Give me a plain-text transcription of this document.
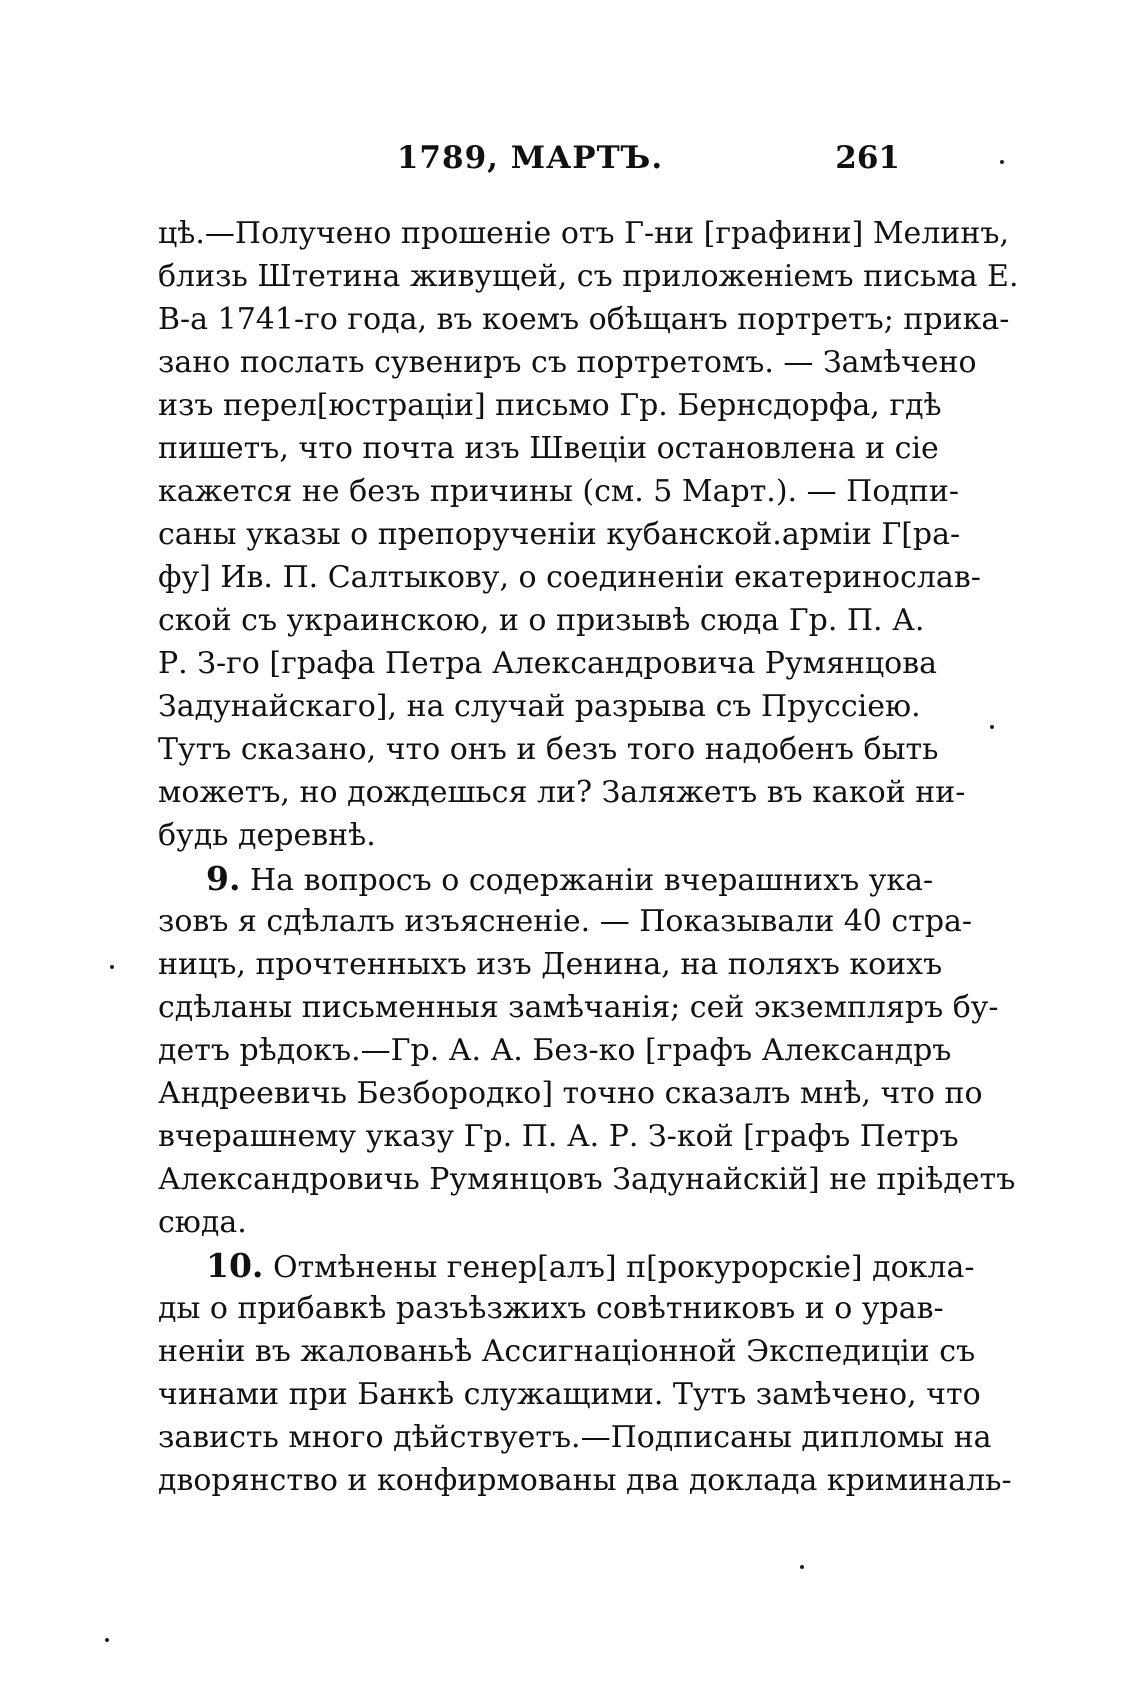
1789, МАРТЪ.	261
цѣ.—Получено прошеніе отъ Г-ни [графини] Мелинъ,
близь Штетина живущей, съ приложеніемъ письма Е.
В-а 1741-го года, въ коемъ обѣщанъ портретъ; прика-
зано послать сувениръ съ портретомъ. — Замѣчено
изъ перел[юстраціи] письмо Гр. Бернсдорфа, гдѣ
пишетъ, что почта изъ Швеціи остановлена и сіе
кажется не безъ причины (см. 5 Март.). — Подпи-
саны указы о препорученіи кубанской.арміи Г[ра-
фу] Ив. П. Салтыкову, о соединеніи екатеринослав-
ской съ украинскою, и о призывѣ сюда Гр. П. А.
Р. З-го [графа Петра Александровича Румянцова
Задунайскаго], на случай разрыва съ Пруссіею.
Тутъ сказано, что онъ и безъ того надобенъ быть
можетъ, но дождешься ли? Заляжетъ въ какой ни-
будь деревнѣ.
9. На вопросъ о содержаніи вчерашнихъ ука-
зовъ я сдѣлалъ изъясненіе. — Показывали 40 стра-
ницъ, прочтенныхъ изъ Денина, на поляхъ коихъ
сдѣланы письменныя замѣчанія; сей экземпляръ бу-
детъ рѣдокъ.—Гр. А. А. Без-ко [графъ Александръ
Андреевичь Безбородко] точно сказалъ мнѣ, что по
вчерашнему указу Гр. П. А. Р. З-кой [графъ Петръ
Александровичь Румянцовъ Задунайскій] не пріѣдетъ
сюда.
10. Отмѣнены генер[алъ] п[рокурорскіе] докла-
ды о прибавкѣ разъѣзжихъ совѣтниковъ и о урав-
неніи въ жалованьѣ Ассигнаціонной Экспедиціи съ
чинами при Банкѣ служащими. Тутъ замѣчено, что
зависть много дѣйствуетъ.—Подписаны дипломы на
дворянство и конфирмованы два доклада криминаль-
